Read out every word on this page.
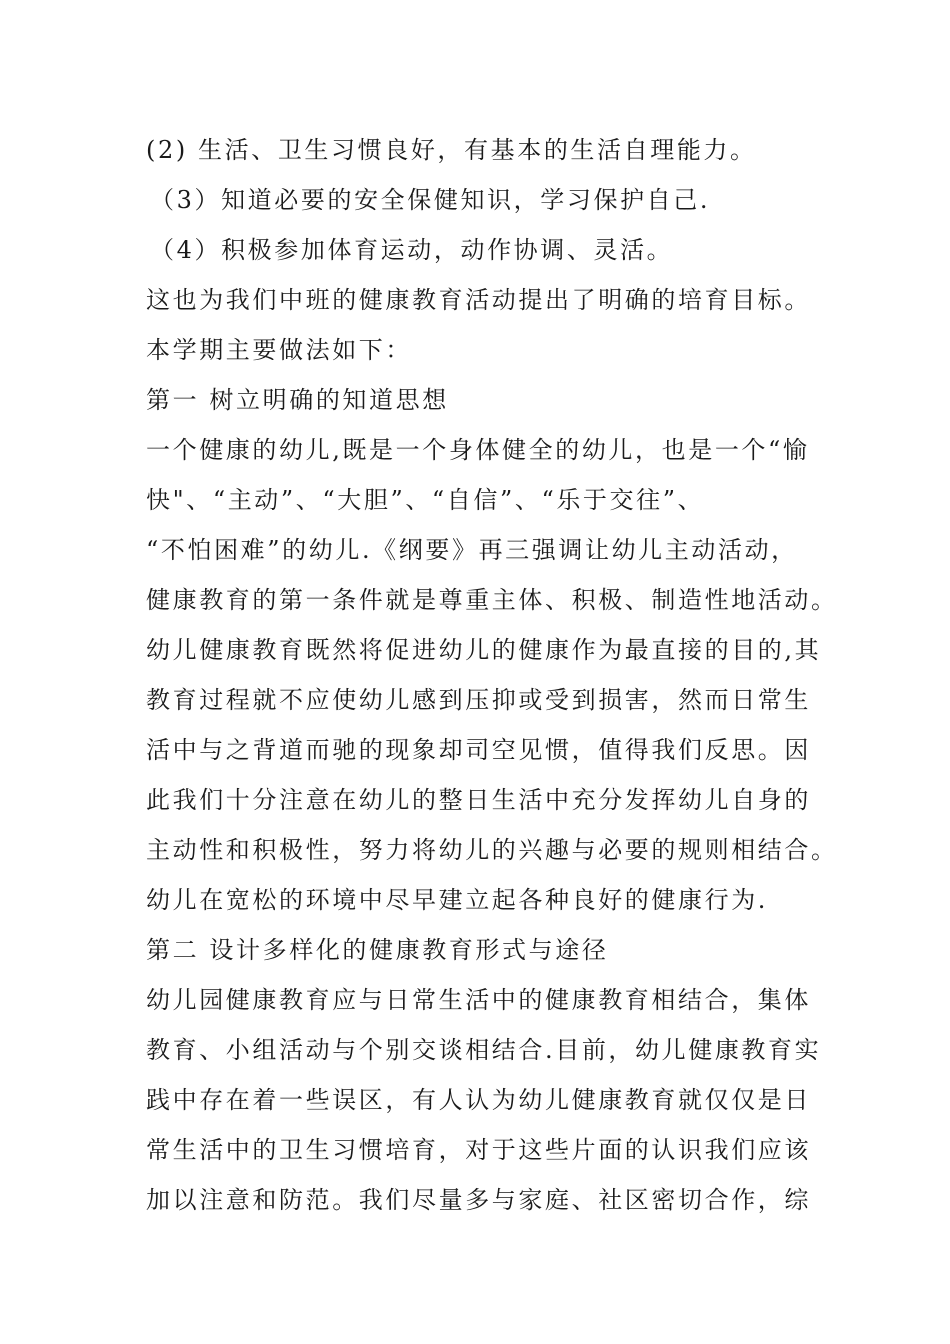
(2) 生活、卫生习惯良好，有基本的生活自理能力。
（3）知道必要的安全保健知识，学习保护自己.
（4）积极参加体育运动，动作协调、灵活。
这也为我们中班的健康教育活动提出了明确的培育目标。
本学期主要做法如下：
第一 树立明确的知道思想
一个健康的幼儿,既是一个身体健全的幼儿，也是一个“愉
快"、“主动”、“大胆”、“自信”、“乐于交往”、
“不怕困难”的幼儿.《纲要》再三强调让幼儿主动活动，
健康教育的第一条件就是尊重主体、积极、制造性地活动。
幼儿健康教育既然将促进幼儿的健康作为最直接的目的,其
教育过程就不应使幼儿感到压抑或受到损害，然而日常生
活中与之背道而驰的现象却司空见惯，值得我们反思。因
此我们十分注意在幼儿的整日生活中充分发挥幼儿自身的
主动性和积极性，努力将幼儿的兴趣与必要的规则相结合。
幼儿在宽松的环境中尽早建立起各种良好的健康行为.
第二 设计多样化的健康教育形式与途径
幼儿园健康教育应与日常生活中的健康教育相结合，集体
教育、小组活动与个别交谈相结合.目前，幼儿健康教育实
践中存在着一些误区，有人认为幼儿健康教育就仅仅是日
常生活中的卫生习惯培育，对于这些片面的认识我们应该
加以注意和防范。我们尽量多与家庭、社区密切合作，综
